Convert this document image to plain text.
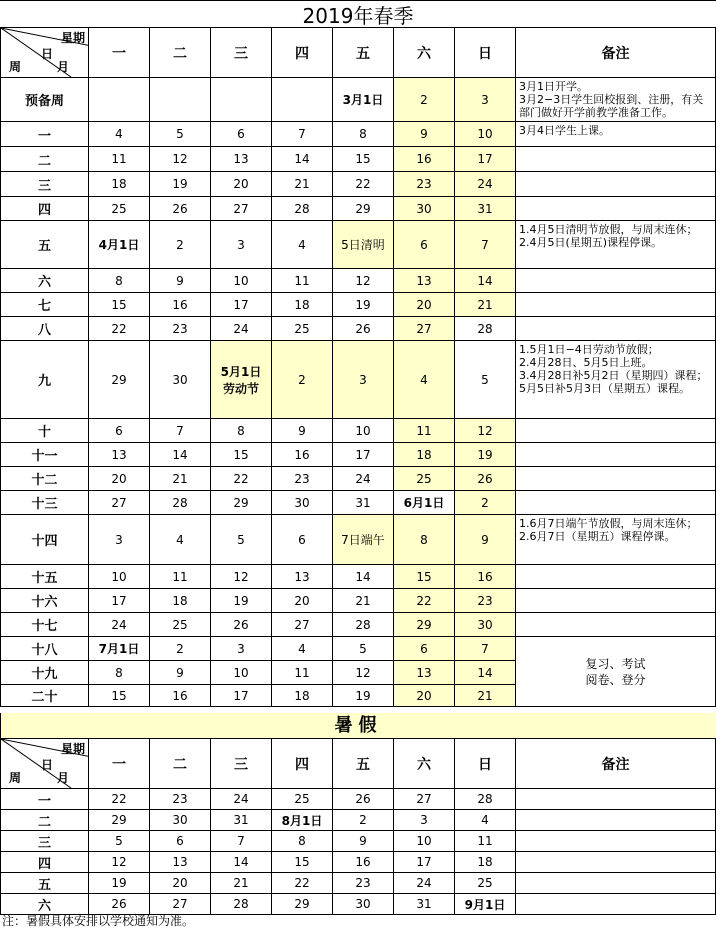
2019年春季
星期
日
周 月	一	二	三	四	五	六	日	备注
预备周					3月1日	2	3	3月1日开学。
3月2−3日学生回校报到、注册，有关部门做好开学前教学准备工作。
一	4	5	6	7	8	9	10	3月4日学生上课。
二	11	12	13	14	15	16	17	
三	18	19	20	21	22	23	24	
四	25	26	27	28	29	30	31	
五	4月1日	2	3	4	5日清明	6	7	1.4月5日清明节放假，与周末连休；
2.4月5日(星期五)课程停课。
六	8	9	10	11	12	13	14	
七	15	16	17	18	19	20	21	
八	22	23	24	25	26	27	28	
九	29	30	5月1日
劳动节	2	3	4	5	1.5月1日−4日劳动节放假；
2.4月28日、5月5日上班。
3.4月28日补5月2日（星期四）课程；5月5日补5月3日（星期五）课程。
十	6	7	8	9	10	11	12	
十一	13	14	15	16	17	18	19	
十二	20	21	22	23	24	25	26	
十三	27	28	29	30	31	6月1日	2	
十四	3	4	5	6	7日端午	8	9	1.6月7日端午节放假，与周末连休；
2.6月7日（星期五）课程停课。
十五	10	11	12	13	14	15	16	
十六	17	18	19	20	21	22	23	
十七	24	25	26	27	28	29	30	
十八	7月1日	2	3	4	5	6	7	复习、考试
阅卷、登分
十九	8	9	10	11	12	13	14	
二十	15	16	17	18	19	20	21	
暑假
星期
日
周 月	一	二	三	四	五	六	日	备注
一	22	23	24	25	26	27	28	
二	29	30	31	8月1日	2	3	4	
三	5	6	7	8	9	10	11	
四	12	13	14	15	16	17	18	
五	19	20	21	22	23	24	25	
六	26	27	28	29	30	31	9月1日	
注：暑假具体安排以学校通知为准。
